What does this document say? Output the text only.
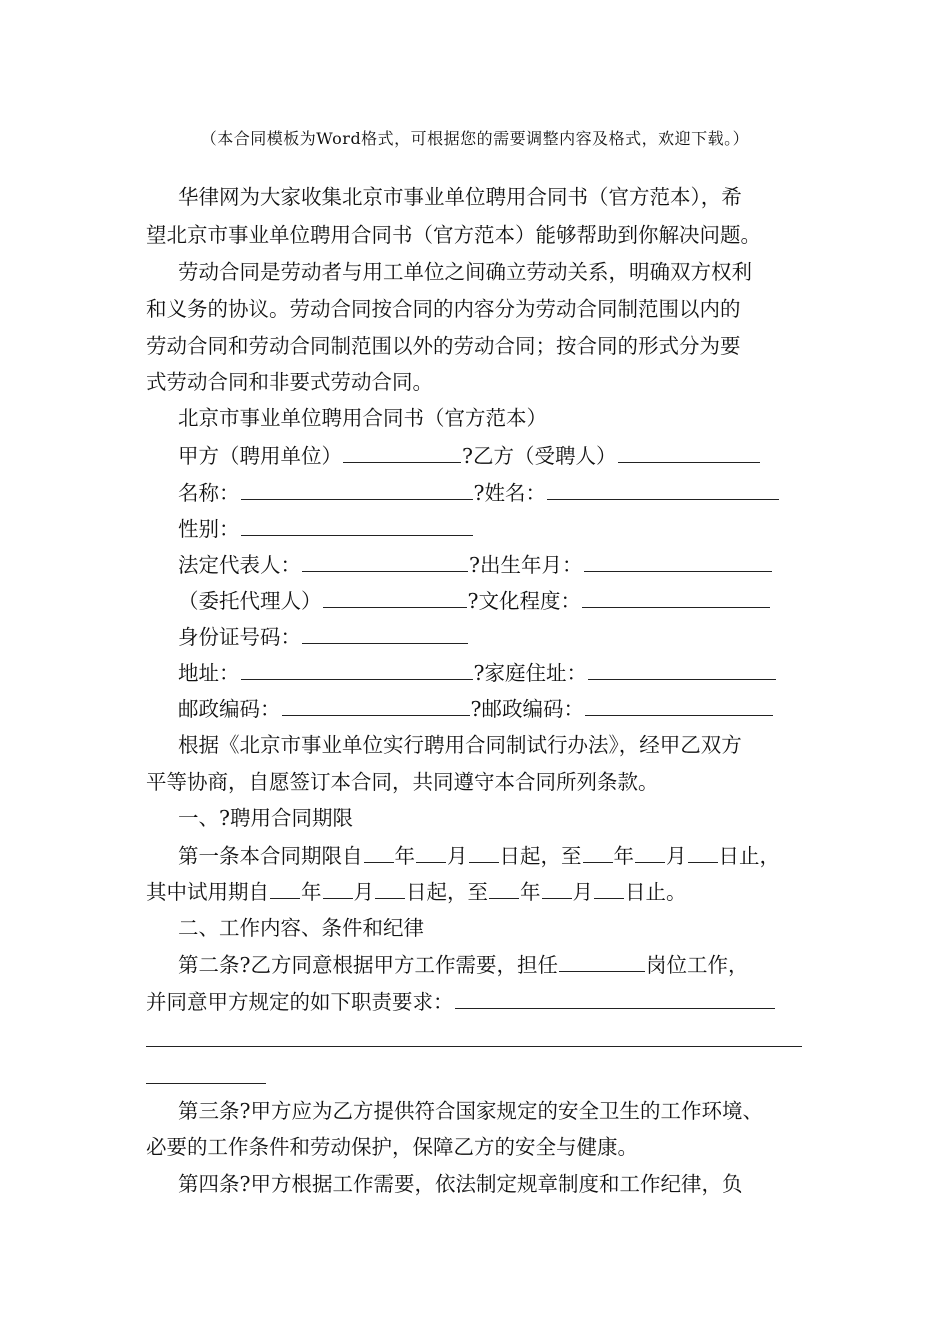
（本合同模板为Word格式，可根据您的需要调整内容及格式，欢迎下载。）
华律网为大家收集北京市事业单位聘用合同书（官方范本），希
望北京市事业单位聘用合同书（官方范本）能够帮助到你解决问题。
劳动合同是劳动者与用工单位之间确立劳动关系，明确双方权利
和义务的协议。劳动合同按合同的内容分为劳动合同制范围以内的
劳动合同和劳动合同制范围以外的劳动合同；按合同的形式分为要
式劳动合同和非要式劳动合同。
北京市事业单位聘用合同书（官方范本）
甲方（聘用单位）	?乙方（受聘人）
名称：	?姓名：
性别：
法定代表人：	?出生年月：
（委托代理人）	?文化程度：
身份证号码：
地址：	?家庭住址：
邮政编码：	?邮政编码：
根据《北京市事业单位实行聘用合同制试行办法》，经甲乙双方
平等协商，自愿签订本合同，共同遵守本合同所列条款。
一、?聘用合同期限
第一条本合同期限自 年 月 日起，至 年 月 日止，
其中试用期自 年 月 日起，至 年 月 日止。
二、工作内容、条件和纪律
第二条?乙方同意根据甲方工作需要，担任	岗位工作，
并同意甲方规定的如下职责要求：
第三条?甲方应为乙方提供符合国家规定的安全卫生的工作环境、
必要的工作条件和劳动保护，保障乙方的安全与健康。
第四条?甲方根据工作需要，依法制定规章制度和工作纪律，负
